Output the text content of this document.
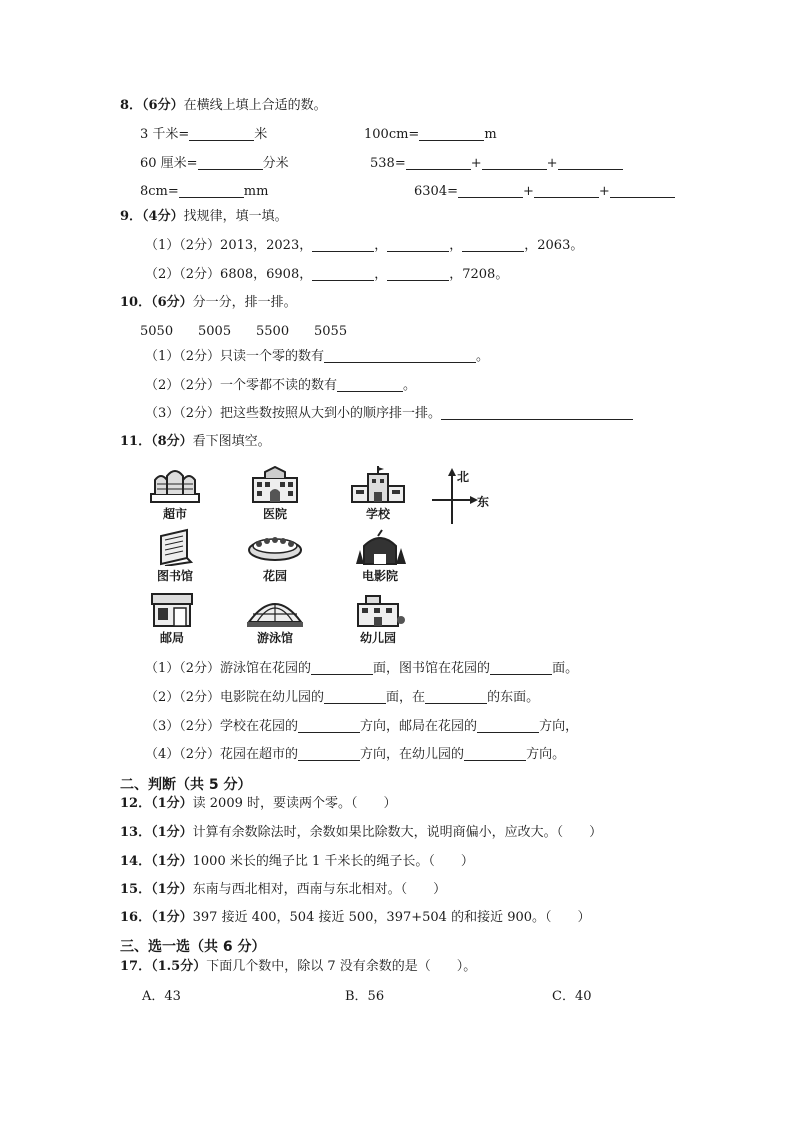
8．（6分）在横线上填上合适的数。
3 千米=	米	100cm=	m
60 厘米=	分米	538=	+	+
8cm=	mm	6304=	+	+
9．（4分）找规律，填一填。
（1）（2分）2013，2023，	，	，	，2063。
（2）（2分）6808，6908，	，	，7208。
10．（6分）分一分，排一排。
5050 5005 5500 5055
（1）（2分）只读一个零的数有	。
（2）（2分）一个零都不读的数有	。
（3）（2分）把这些数按照从大到小的顺序排一排。
11．（8分）看下图填空。
超市	医院	学校
北
东
图书馆	花园	电影院
邮局	游泳馆	幼儿园
（1）（2分）游泳馆在花园的	面，图书馆在花园的	面。
（2）（2分）电影院在幼儿园的	面，在	的东面。
（3）（2分）学校在花园的	方向，邮局在花园的	方向，
（4）（2分）花园在超市的	方向，在幼儿园的	方向。
二、判断（共 5 分）
12．（1分）读 2009 时，要读两个零。（　　）
13．（1分）计算有余数除法时，余数如果比除数大，说明商偏小，应改大。（　　）
14．（1分）1000 米长的绳子比 1 千米长的绳子长。（　　）
15．（1分）东南与西北相对，西南与东北相对。（　　）
16．（1分）397 接近 400，504 接近 500，397+504 的和接近 900。（　　）
三、选一选（共 6 分）
17．（1.5分）下面几个数中，除以 7 没有余数的是（　　）。
A．43	B．56	C．40
